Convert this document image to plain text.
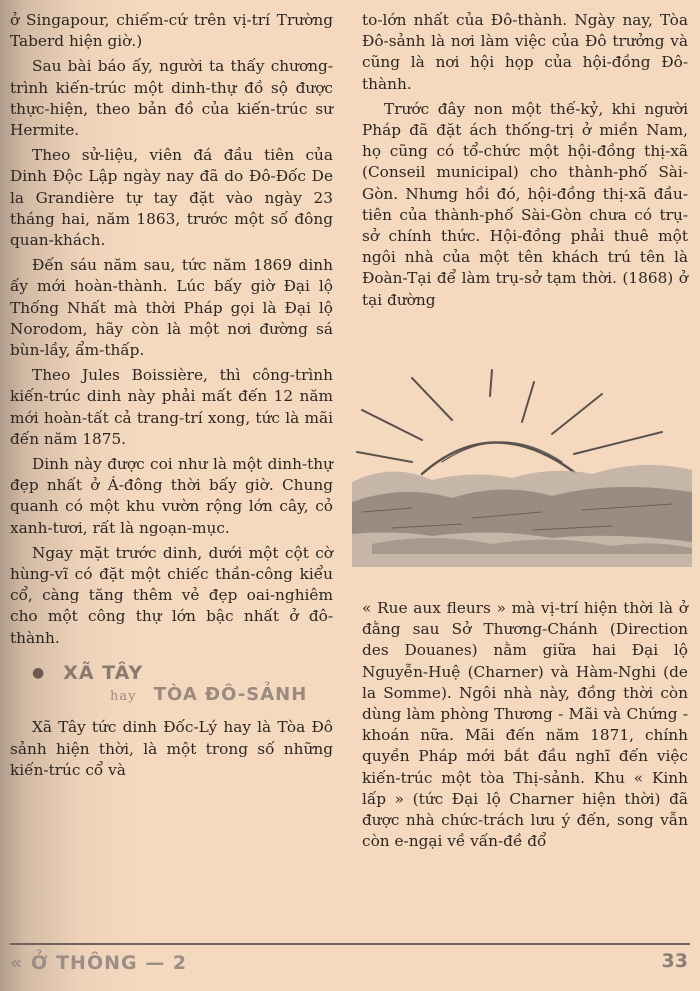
ở Singapour, chiếm-cứ trên vị-trí Trường Taberd hiện giờ.)

Sau bài báo ấy, người ta thấy chương-trình kiến-trúc một dinh-thự đồ sộ được thực-hiện, theo bản đồ của kiến-trúc sư Hermite.

Theo sử-liệu, viên đá đầu tiên của Dinh Độc Lập ngày nay đã do Đô-Đốc De la Grandière tự tay đặt vào ngày 23 tháng hai, năm 1863, trước một số đông quan-khách.

Đến sáu năm sau, tức năm 1869 dinh ấy mới hoàn-thành. Lúc bấy giờ Đại lộ Thống Nhất mà thời Pháp gọi là Đại lộ Norodom, hãy còn là một nơi đường sá bùn-lầy, ẩm-thấp.

Theo Jules Boissière, thì công-trình kiến-trúc dinh này phải mất đến 12 năm mới hoàn-tất cả trang-trí xong, tức là mãi đến năm 1875.

Dinh này được coi như là một dinh-thự đẹp nhất ở Á-đông thời bấy giờ. Chung quanh có một khu vườn rộng lớn cây, cỏ xanh-tươi, rất là ngoạn-mục.

Ngay mặt trước dinh, dưới một cột cờ hùng-vĩ có đặt một chiếc thần-công kiểu cổ, càng tăng thêm vẻ đẹp oai-nghiêm cho một công thự lớn bậc nhất ở đô-thành.

● XÃ TÂY
hay TÒA ĐÔ-SẢNH

Xã Tây tức dinh Đốc-Lý hay là Tòa Đô sảnh hiện thời, là một trong số những kiến-trúc cổ và

to-lớn nhất của Đô-thành. Ngày nay, Tòa Đô-sảnh là nơi làm việc của Đô trưởng và cũng là nơi hội họp của hội-đồng Đô-thành.

Trước đây non một thế-kỷ, khi người Pháp đã đặt ách thống-trị ở miền Nam, họ cũng có tổ-chức một hội-đồng thị-xã (Conseil municipal) cho thành-phố Sài-Gòn. Nhưng hồi đó, hội-đồng thị-xã đầu-tiên của thành-phố Sài-Gòn chưa có trụ-sở chính thức. Hội-đồng phải thuê một ngôi nhà của một tên khách trú tên là Đoàn-Tại để làm trụ-sở tạm thời. (1868) ở tại đường

« Rue aux fleurs » mà vị-trí hiện thời là ở đằng sau Sở Thương-Chánh (Direction des Douanes) nằm giữa hai Đại lộ Nguyễn-Huệ (Charner) và Hàm-Nghi (de la Somme). Ngôi nhà này, đồng thời còn dùng làm phòng Thương - Mãi và Chứng - khoán nữa. Mãi đến năm 1871, chính quyền Pháp mới bắt đầu nghĩ đến việc kiến-trúc một tòa Thị-sảnh. Khu « Kinh lấp » (tức Đại lộ Charner hiện thời) đã được nhà chức-trách lưu ý đến, song vẫn còn e-ngại về vấn-đề đổ

« Ở THÔNG — 2	33
